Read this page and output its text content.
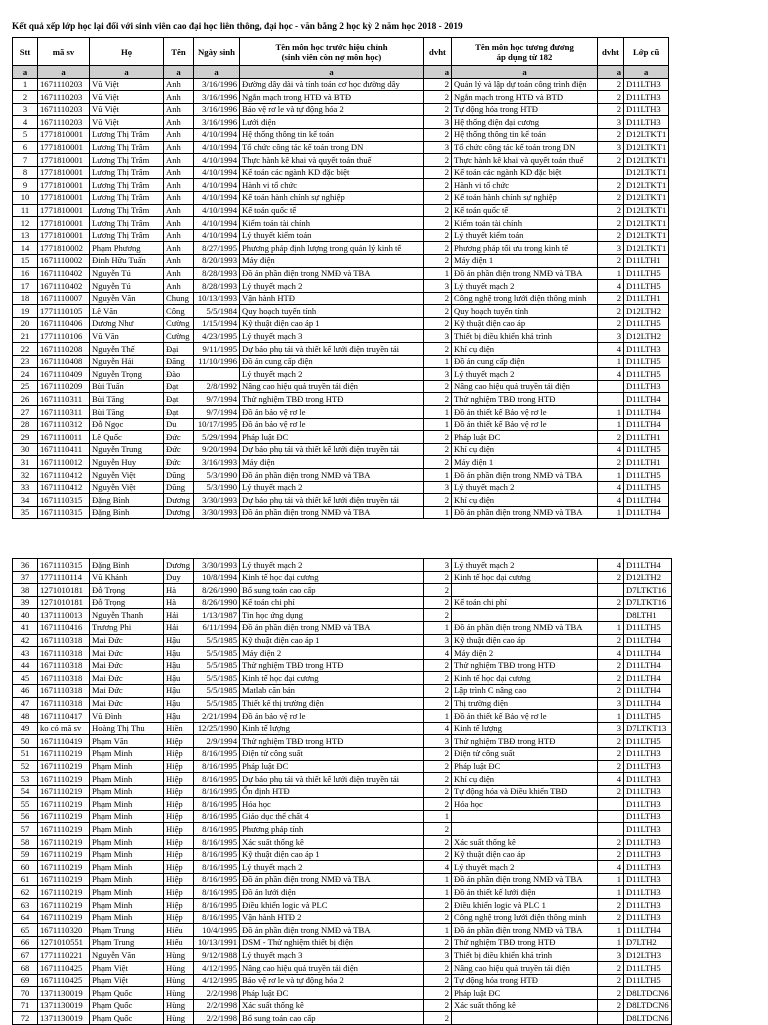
Kết quả xếp lớp học lại đối với sinh viên cao đại học liên thông, đại học - văn bằng 2 học kỳ 2 năm học 2018 - 2019
Stt	mã sv	Họ	Tên	Ngày sinh	Tên môn học trước hiệu chỉnh
(sinh viên còn nợ môn học)	dvht	Tên môn học tương đương
áp dụng từ 182	dvht	Lớp cũ
a	a	a	a	a	a	a	a	a	a
1	1671110203	Vũ Việt	Anh	3/16/1996	Đường dây dài và tính toán cơ học đường dây	2	Quản lý và lập dự toán công trình điện	2	D11LTH3
2	1671110203	Vũ Việt	Anh	3/16/1996	Ngắn mạch trong HTĐ và BTĐ	2	Ngắn mạch trong HTĐ và BTD	2	D11LTH3
3	1671110203	Vũ Việt	Anh	3/16/1996	Bảo vệ rơ le và tự động hóa 2	2	Tự động hóa trong HTĐ	2	D11LTH3
4	1671110203	Vũ Việt	Anh	3/16/1996	Lưới điện	3	Hệ thống điện đại cương	3	D11LTH3
5	1771810001	Lương Thị Trâm	Anh	4/10/1994	Hệ thống thông tin kế toán	2	Hệ thống thông tin kế toán	2	D12LTKT1
6	1771810001	Lương Thị Trâm	Anh	4/10/1994	Tổ chức công tác kế toán trong DN	3	Tổ chức công tác kế toán trong DN	3	D12LTKT1
7	1771810001	Lương Thị Trâm	Anh	4/10/1994	Thực hành kê khai và quyết toán thuế	2	Thực hành kê khai và quyết toán thuế	2	D12LTKT1
8	1771810001	Lương Thị Trâm	Anh	4/10/1994	Kế toán các ngành KD đặc biệt	2	Kế toán các ngành KD đặc biệt		D12LTKT1
9	1771810001	Lương Thị Trâm	Anh	4/10/1994	Hành vi tổ chức	2	Hành vi tổ chức	2	D12LTKT1
10	1771810001	Lương Thị Trâm	Anh	4/10/1994	Kế toán hành chính sự nghiệp	2	Kế toán hành chính sự nghiệp	2	D12LTKT1
11	1771810001	Lương Thị Trâm	Anh	4/10/1994	Kế toán quốc tế	2	Kế toán quốc tế	2	D12LTKT1
12	1771810001	Lương Thị Trâm	Anh	4/10/1994	Kiểm toán tài chính	2	Kiểm toán tài chính	2	D12LTKT1
13	1771810001	Lương Thị Trâm	Anh	4/10/1994	Lý thuyết kiểm toán	2	Lý thuyết kiểm toán	2	D12LTKT1
14	1771810002	Phạm Phương	Anh	8/27/1995	Phương pháp định lượng trong quản lý kinh tế	2	Phương pháp tối ưu trong kinh tế	3	D12LTKT1
15	1671110002	Đinh Hữu Tuấn	Anh	8/20/1993	Máy điện	2	Máy điện 1	2	D11LTH1
16	1671110402	Nguyễn Tú	Anh	8/28/1993	Đồ án phần điện trong NMĐ và TBA	1	Đồ án phần điện trong NMĐ và TBA	1	D11LTH5
17	1671110402	Nguyễn Tú	Anh	8/28/1993	Lý thuyết mạch 2	3	Lý thuyết mạch 2	4	D11LTH5
18	1671110007	Nguyễn Văn	Chung	10/13/1993	Vận hành HTĐ	2	Công nghệ trong lưới điện thông minh	2	D11LTH1
19	1771110105	Lê Văn	Công	5/5/1984	Quy hoạch tuyến tính	2	Quy hoạch tuyến tính	2	D12LTH2
20	1671110406	Dương Như	Cường	1/15/1994	Kỹ thuật điện cao áp 1	2	Kỹ thuật điện cao áp	2	D11LTH5
21	1771110106	Vũ Văn	Cường	4/23/1995	Lý thuyết mạch 3	3	Thiết bị điều khiển khả trình	3	D12LTH2
22	1671110208	Nguyễn Thế	Đại	9/11/1995	Dự báo phụ tải và thiết kế lưới điện truyền tải	2	Khí cụ điện	4	D11LTH3
23	1671110408	Nguyễn Hải	Đăng	11/10/1996	Đồ án cung cấp điện	1	Đồ án cung cấp điện	1	D11LTH5
24	1671110409	Nguyễn Trọng	Đào		Lý thuyết mạch 2	3	Lý thuyết mạch 2	4	D11LTH5
25	1671110209	Bùi Tuấn	Đạt	2/8/1992	Nâng cao hiệu quả truyền tải điện	2	Nâng cao hiệu quả truyền tải điện		D11LTH3
26	1671110311	Bùi Tăng	Đạt	9/7/1994	Thử nghiệm TBĐ trong HTĐ	2	Thử nghiệm TBĐ trong HTĐ		D11LTH4
27	1671110311	Bùi Tăng	Đạt	9/7/1994	Đồ án bảo vệ rơ le	1	Đồ án thiết kế Bảo vệ rơ le	1	D11LTH4
28	1671110312	Đỗ Ngọc	Du	10/17/1995	Đồ án bảo vệ rơ le	1	Đồ án thiết kế Bảo vệ rơ le	1	D11LTH4
29	1671110011	Lê Quốc	Đức	5/29/1994	Pháp luật ĐC	2	Pháp luật ĐC	2	D11LTH1
30	1671110411	Nguyễn Trung	Đức	9/20/1994	Dự báo phụ tải và thiết kế lưới điện truyền tải	2	Khí cụ điện	4	D11LTH5
31	1671110012	Nguyễn Huy	Đức	3/16/1993	Máy điện	2	Máy điện 1	2	D11LTH1
32	1671110412	Nguyễn Việt	Dũng	5/3/1990	Đồ án phần điện trong NMĐ và TBA	1	Đồ án phần điện trong NMĐ và TBA	1	D11LTH5
33	1671110412	Nguyễn Việt	Dũng	5/3/1990	Lý thuyết mạch 2	3	Lý thuyết mạch 2	4	D11LTH5
34	1671110315	Đặng Bình	Dương	3/30/1993	Dự báo phụ tải và thiết kế lưới điện truyền tải	2	Khí cụ điện	4	D11LTH4
35	1671110315	Đặng Bình	Dương	3/30/1993	Đồ án phần điện trong NMĐ và TBA	1	Đồ án phần điện trong NMĐ và TBA	1	D11LTH4
36	1671110315	Đặng Bình	Dương	3/30/1993	Lý thuyết mạch 2	3	Lý thuyết mạch 2	4	D11LTH4
37	1771110114	Vũ Khánh	Duy	10/8/1994	Kinh tế học đại cương	2	Kinh tế học đại cương	2	D12LTH2
38	1271010181	Đỗ Trọng	Hà	8/26/1990	Bổ sung toán cao cấp	2			D7LTKT16
39	1271010181	Đỗ Trọng	Hà	8/26/1990	Kế toán chi phí	2	Kế toán chi phí	2	D7LTKT16
40	1371110013	Nguyễn Thanh	Hải	1/13/1987	Tin học ứng dụng	2			D8LTH1
41	1671110416	Trương Phi	Hải	6/11/1994	Đồ án phần điện trong NMĐ và TBA	1	Đồ án phần điện trong NMĐ và TBA	1	D11LTH5
42	1671110318	Mai Đức	Hậu	5/5/1985	Kỹ thuật điện cao áp 1	3	Kỹ thuật điện cao áp	2	D11LTH4
43	1671110318	Mai Đức	Hậu	5/5/1985	Máy điện 2	4	Máy điện 2	4	D11LTH4
44	1671110318	Mai Đức	Hậu	5/5/1985	Thử nghiệm TBĐ trong HTĐ	2	Thử nghiệm TBĐ trong HTĐ	2	D11LTH4
45	1671110318	Mai Đức	Hậu	5/5/1985	Kinh tế học đại cương	2	Kinh tế học đại cương	2	D11LTH4
46	1671110318	Mai Đức	Hậu	5/5/1985	Matlab căn bản	2	Lập trình C nâng cao	2	D11LTH4
47	1671110318	Mai Đức	Hậu	5/5/1985	Thiết kế thị trường điện	2	Thị trường điện	3	D11LTH4
48	1671110417	Vũ Đình	Hậu	2/21/1994	Đồ án bảo vệ rơ le	1	Đồ án thiết kế Bảo vệ rơ le	1	D11LTH5
49	ko có mã sv	Hoàng Thị Thu	Hiền	12/25/1990	Kinh tế lượng	4	Kinh tế lượng	3	D7LTKT13
50	1671110419	Phạm Văn	Hiệp	2/9/1994	Thử nghiệm TBĐ trong HTĐ	3	Thử nghiệm TBĐ trong HTĐ	2	D11LTH5
51	1671110219	Phạm Minh	Hiệp	8/16/1995	Điện tử công suất	2	Điện tử công suất	2	D11LTH3
52	1671110219	Phạm Minh	Hiệp	8/16/1995	Pháp luật ĐC	2	Pháp luật ĐC	2	D11LTH3
53	1671110219	Phạm Minh	Hiệp	8/16/1995	Dự báo phụ tải và thiết kế lưới điện truyền tải	2	Khí cụ điện	4	D11LTH3
54	1671110219	Phạm Minh	Hiệp	8/16/1995	Ổn định HTĐ	2	Tự động hóa và Điều khiển TBĐ	2	D11LTH3
55	1671110219	Phạm Minh	Hiệp	8/16/1995	Hóa học	2	Hóa học		D11LTH3
56	1671110219	Phạm Minh	Hiệp	8/16/1995	Giáo dục thể chất 4	1			D11LTH3
57	1671110219	Phạm Minh	Hiệp	8/16/1995	Phương pháp tính	2			D11LTH3
58	1671110219	Phạm Minh	Hiệp	8/16/1995	Xác suất thống kê	2	Xác suất thống kê	2	D11LTH3
59	1671110219	Phạm Minh	Hiệp	8/16/1995	Kỹ thuật điện cao áp 1	2	Kỹ thuật điện cao áp	2	D11LTH3
60	1671110219	Phạm Minh	Hiệp	8/16/1995	Lý thuyết mạch 2	4	Lý thuyết mạch 2	4	D11LTH3
61	1671110219	Phạm Minh	Hiệp	8/16/1995	Đồ án phần điện trong NMĐ và TBA	1	Đồ án phần điện trong NMĐ và TBA	1	D11LTH3
62	1671110219	Phạm Minh	Hiệp	8/16/1995	Đồ án lưới điện	1	Đồ án thiết kế lưới điện	1	D11LTH3
63	1671110219	Phạm Minh	Hiệp	8/16/1995	Điều khiển logic và PLC	2	Điều khiển logic và PLC 1	2	D11LTH3
64	1671110219	Phạm Minh	Hiệp	8/16/1995	Vận hành HTĐ 2	2	Công nghệ trong lưới điện thông minh	2	D11LTH3
65	1671110320	Phạm Trung	Hiếu	10/4/1995	Đồ án phần điện trong NMĐ và TBA	1	Đồ án phần điện trong NMĐ và TBA	1	D11LTH4
66	1271010551	Phạm Trung	Hiếu	10/13/1991	DSM - Thử nghiệm thiết bị điện	2	Thử nghiệm TBĐ trong HTĐ	1	D7LTH2
67	1771110221	Nguyễn Văn	Hùng	9/12/1988	Lý thuyết mạch 3	3	Thiết bị điều khiển khả trình	3	D12LTH3
68	1671110425	Phạm Việt	Hùng	4/12/1995	Nâng cao hiệu quả truyền tải điện	2	Nâng cao hiệu quả truyền tải điện	2	D11LTH5
69	1671110425	Phạm Việt	Hùng	4/12/1995	Bảo vệ rơ le và tự động hóa 2	2	Tự động hóa trong HTĐ	2	D11LTH5
70	1371130019	Phạm Quốc	Hùng	2/2/1998	Pháp luật ĐC	2	Pháp luật ĐC	2	D8LTDCN6
71	1371130019	Phạm Quốc	Hùng	2/2/1998	Xác suất thống kê	2	Xác suất thống kê	2	D8LTDCN6
72	1371130019	Phạm Quốc	Hùng	2/2/1998	Bổ sung toán cao cấp	2			D8LTDCN6
